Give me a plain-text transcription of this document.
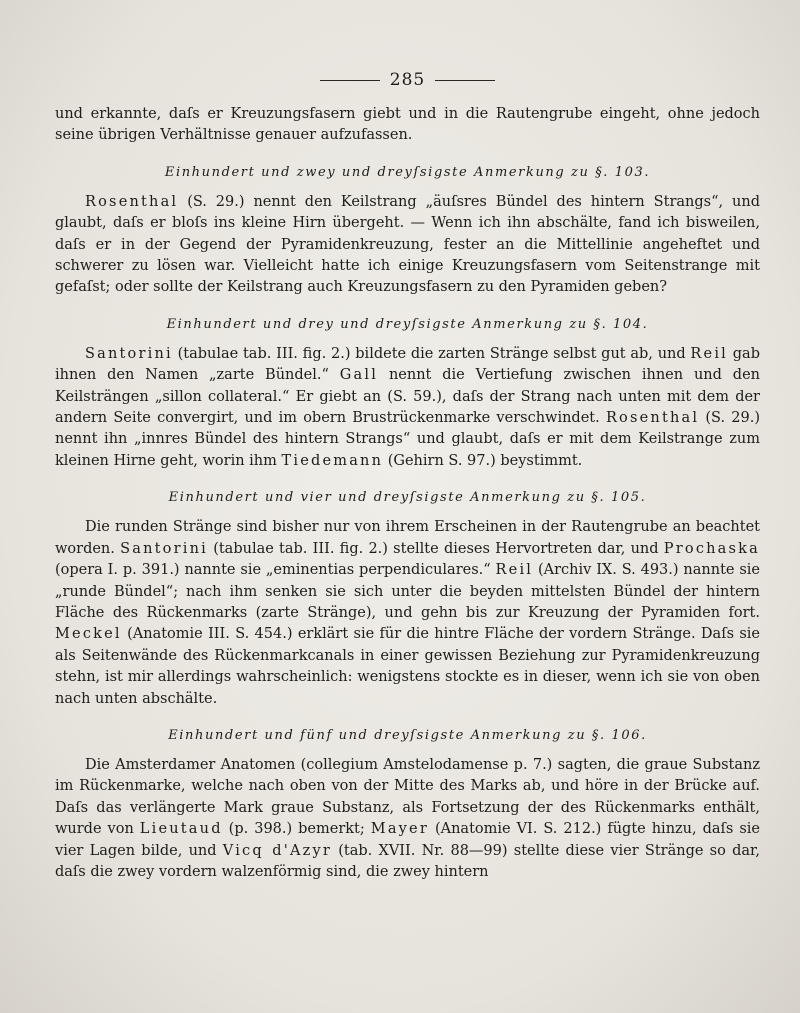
285

und erkannte, daſs er Kreuzungsfasern giebt und in die Rautengrube eingeht, ohne jedoch seine übrigen Verhältnisse genauer aufzufassen.

Einhundert und zwey und dreyſsigste Anmerkung zu §. 103.

Rosenthal (S. 29.) nennt den Keilstrang „äuſsres Bündel des hintern Strangs“, und glaubt, daſs er bloſs ins kleine Hirn übergeht. — Wenn ich ihn abschälte, fand ich bisweilen, daſs er in der Gegend der Pyramidenkreuzung, fester an die Mittellinie angeheftet und schwerer zu lösen war. Vielleicht hatte ich einige Kreuzungsfasern vom Seitenstrange mit gefaſst; oder sollte der Keilstrang auch Kreuzungsfasern zu den Pyramiden geben?

Einhundert und drey und dreyſsigste Anmerkung zu §. 104.

Santorini (tabulae tab. III. fig. 2.) bildete die zarten Stränge selbst gut ab, und Reil gab ihnen den Namen „zarte Bündel.“ Gall nennt die Vertiefung zwischen ihnen und den Keilsträngen „sillon collateral.“ Er giebt an (S. 59.), daſs der Strang nach unten mit dem der andern Seite convergirt, und im obern Brustrückenmarke verschwindet. Rosenthal (S. 29.) nennt ihn „innres Bündel des hintern Strangs“ und glaubt, daſs er mit dem Keilstrange zum kleinen Hirne geht, worin ihm Tiedemann (Gehirn S. 97.) beystimmt.

Einhundert und vier und dreyſsigste Anmerkung zu §. 105.

Die runden Stränge sind bisher nur von ihrem Erscheinen in der Rautengrube an beachtet worden. Santorini (tabulae tab. III. fig. 2.) stellte dieses Hervortreten dar, und Prochaska (opera I. p. 391.) nannte sie „eminentias perpendiculares.“ Reil (Archiv IX. S. 493.) nannte sie „runde Bündel“; nach ihm senken sie sich unter die beyden mittelsten Bündel der hintern Fläche des Rückenmarks (zarte Stränge), und gehn bis zur Kreuzung der Pyramiden fort. Meckel (Anatomie III. S. 454.) erklärt sie für die hintre Fläche der vordern Stränge. Daſs sie als Seitenwände des Rückenmarkcanals in einer gewissen Beziehung zur Pyramidenkreuzung stehn, ist mir allerdings wahrscheinlich: wenigstens stockte es in dieser, wenn ich sie von oben nach unten abschälte.

Einhundert und fünf und dreyſsigste Anmerkung zu §. 106.

Die Amsterdamer Anatomen (collegium Amstelodamense p. 7.) sagten, die graue Substanz im Rückenmarke, welche nach oben von der Mitte des Marks ab, und höre in der Brücke auf. Daſs das verlängerte Mark graue Substanz, als Fortsetzung der des Rückenmarks enthält, wurde von Lieutaud (p. 398.) bemerkt; Mayer (Anatomie VI. S. 212.) fügte hinzu, daſs sie vier Lagen bilde, und Vicq d'Azyr (tab. XVII. Nr. 88—99) stellte diese vier Stränge so dar, daſs die zwey vordern walzenförmig sind, die zwey hintern
